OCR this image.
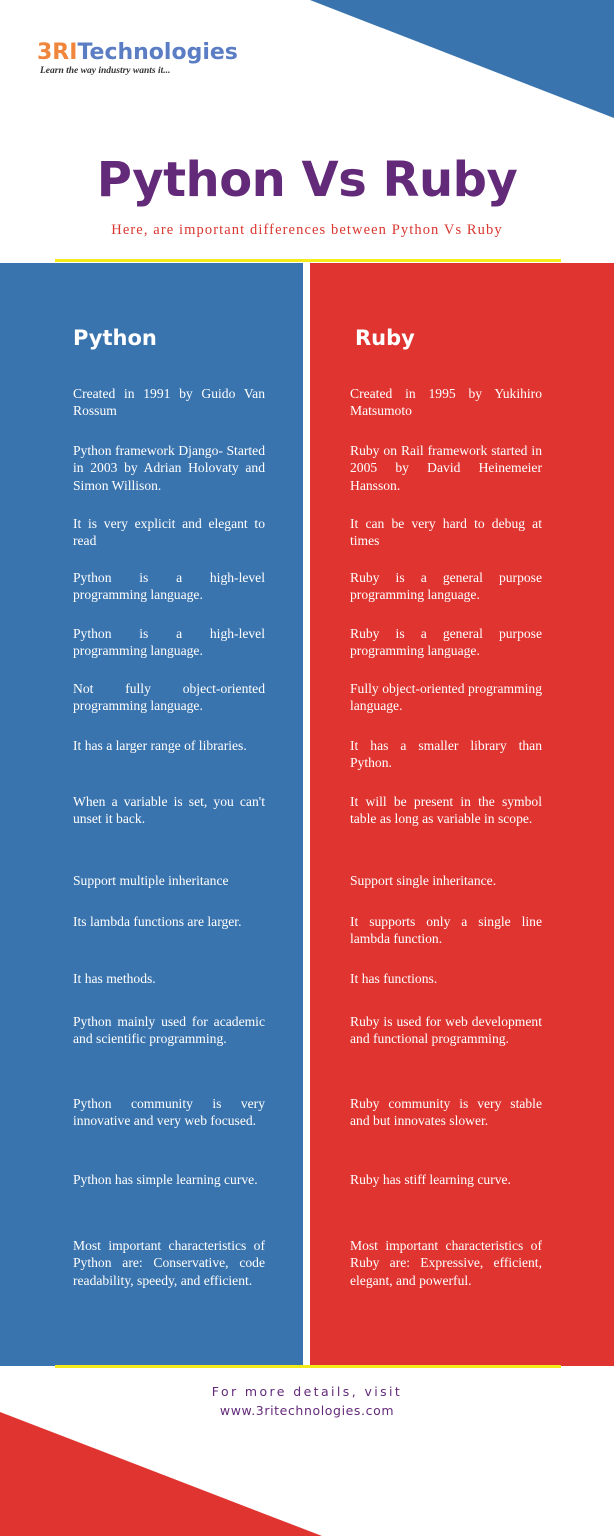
3RITechnologies
Learn the way industry wants it...
Python Vs Ruby

Here, are important differences between Python Vs Ruby

Python

Created in 1991 by Guido Van Rossum

Python framework Django- Started in 2003 by Adrian Holovaty and Simon Willison.

It is very explicit and elegant to read

Python is a high-level programming language.

Python is a high-level programming language.

Not fully object-oriented programming language.

It has a larger range of libraries.

When a variable is set, you can't unset it back.

Support multiple inheritance

Its lambda functions are larger.

It has methods.

Python mainly used for academic and scientific programming.

Python community is very innovative and very web focused.

Python has simple learning curve.

Most important characteristics of Python are: Conservative, code readability, speedy, and efficient.

Ruby

Created in 1995 by Yukihiro Matsumoto

Ruby on Rail framework started in 2005 by David Heinemeier Hansson.

It can be very hard to debug at times

Ruby is a general purpose programming language.

Ruby is a general purpose programming language.

Fully object-oriented programming language.

It has a smaller library than Python.

It will be present in the symbol table as long as variable in scope.

Support single inheritance.

It supports only a single line lambda function.

It has functions.

Ruby is used for web development and functional programming.

Ruby community is very stable and but innovates slower.

Ruby has stiff learning curve.

Most important characteristics of Ruby are: Expressive, efficient, elegant, and powerful.

For more details, visit

www.3ritechnologies.com
